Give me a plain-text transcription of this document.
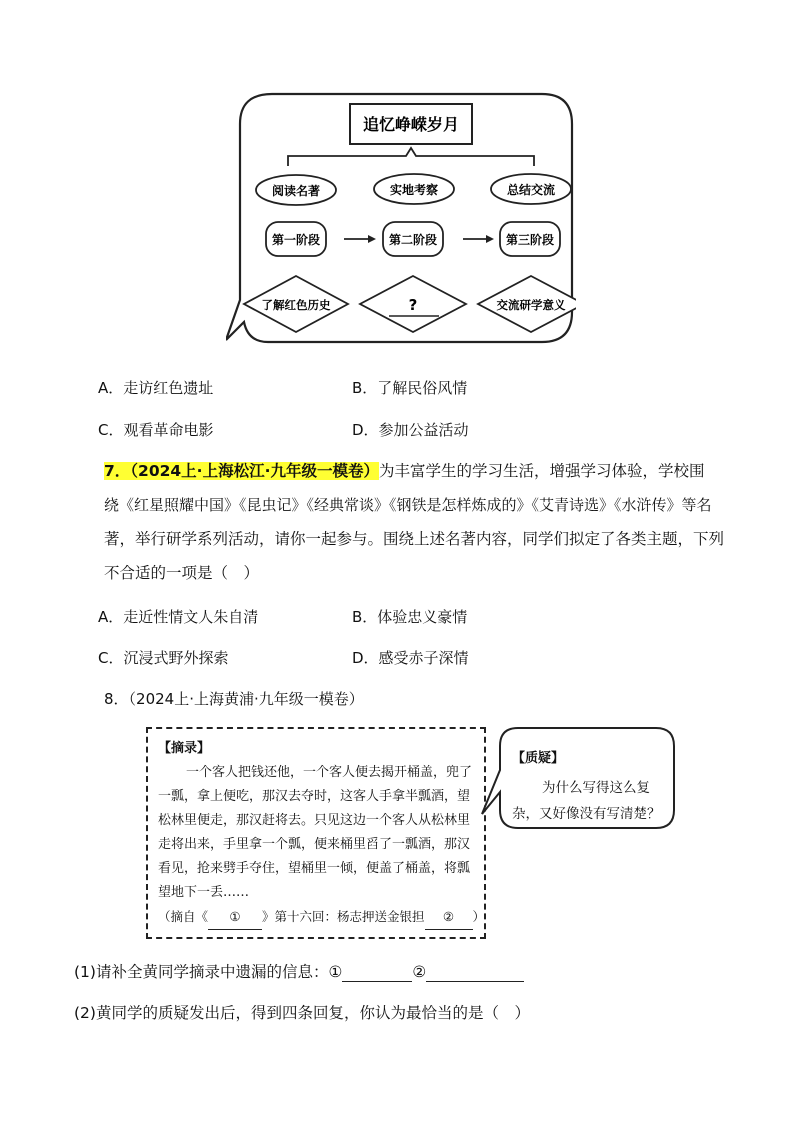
追忆峥嵘岁月
阅读名著	实地考察	总结交流
第一阶段	第二阶段	第三阶段
了解红色历史	?	交流研学意义
A．走访红色遗址	B．了解民俗风情
C．观看革命电影	D．参加公益活动
7．（2024上·上海松江·九年级一模卷）为丰富学生的学习生活，增强学习体验，学校围
绕《红星照耀中国》《昆虫记》《经典常谈》《钢铁是怎样炼成的》《艾青诗选》《水浒传》等名
著，举行研学系列活动，请你一起参与。围绕上述名著内容，同学们拟定了各类主题，下列
不合适的一项是（　）
A．走近性情文人朱自清	B．体验忠义豪情
C．沉浸式野外探索	D．感受赤子深情
8．（2024上·上海黄浦·九年级一模卷）
【摘录】
一个客人把钱还他，一个客人便去揭开桶盖，兜了
一瓢，拿上便吃，那汉去夺时，这客人手拿半瓢酒，望
松林里便走，那汉赶将去。只见这边一个客人从松林里
走将出来，手里拿一个瓢，便来桶里舀了一瓢酒，那汉
看见，抢来劈手夺住，望桶里一倾，便盖了桶盖，将瓢
望地下一丢……
（摘自《 ① 》第十六回：杨志押送金银担 ② ）
【质疑】
为什么写得这么复
杂，又好像没有写清楚？
(1)请补全黄同学摘录中遗漏的信息：①	②
(2)黄同学的质疑发出后，得到四条回复，你认为最恰当的是（　）
